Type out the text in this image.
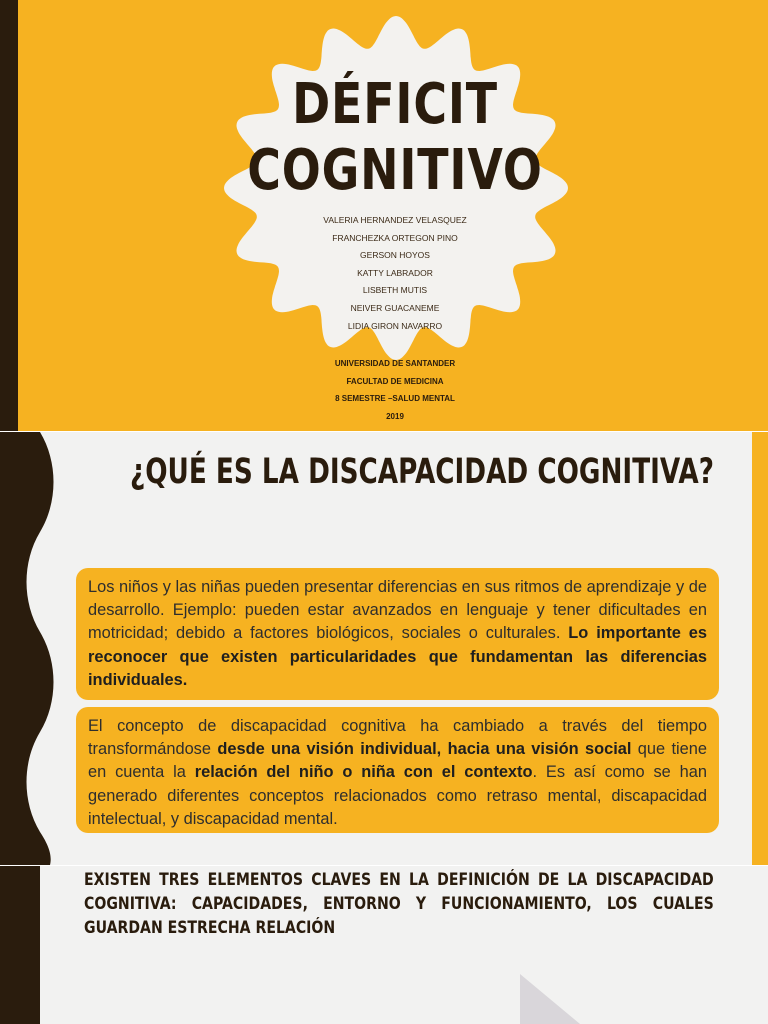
DÉFICIT
COGNITIVO
VALERIA HERNANDEZ VELASQUEZ
FRANCHEZKA ORTEGON PINO
GERSON HOYOS
KATTY LABRADOR
LISBETH MUTIS
NEIVER GUACANEME
LIDIA GIRON NAVARRO
UNIVERSIDAD DE SANTANDER
FACULTAD DE MEDICINA
8 SEMESTRE –SALUD MENTAL
2019
¿QUÉ ES LA DISCAPACIDAD COGNITIVA?
Los niños y las niñas pueden presentar diferencias en sus ritmos de aprendizaje y de desarrollo. Ejemplo: pueden estar avanzados en lenguaje y tener dificultades en motricidad; debido a factores biológicos, sociales o culturales. Lo importante es reconocer que existen particularidades que fundamentan las diferencias individuales.
El concepto de discapacidad cognitiva ha cambiado a través del tiempo transformándose desde una visión individual, hacia una visión social que tiene en cuenta la relación del niño o niña con el contexto. Es así como se han generado diferentes conceptos relacionados como retraso mental, discapacidad intelectual, y discapacidad mental.
EXISTEN TRES ELEMENTOS CLAVES EN LA DEFINICIÓN DE LA DISCAPACIDAD COGNITIVA: CAPACIDADES, ENTORNO Y FUNCIONAMIENTO, LOS CUALES GUARDAN ESTRECHA RELACIÓN
